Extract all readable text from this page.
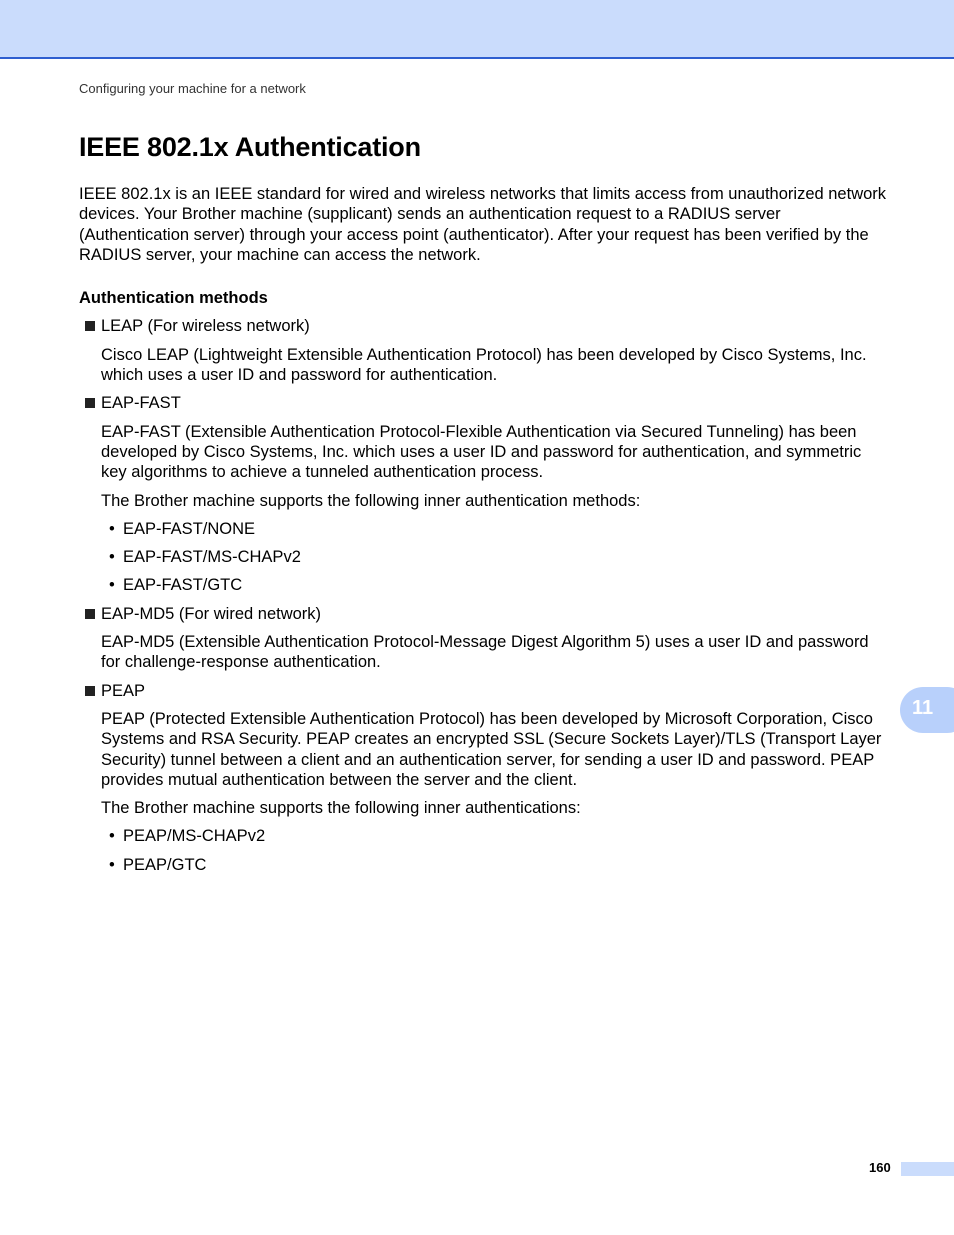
Configuring your machine for a network
IEEE 802.1x Authentication

IEEE 802.1x is an IEEE standard for wired and wireless networks that limits access from unauthorized network devices. Your Brother machine (supplicant) sends an authentication request to a RADIUS server (Authentication server) through your access point (authenticator). After your request has been verified by the RADIUS server, your machine can access the network.

Authentication methods

LEAP (For wireless network)

Cisco LEAP (Lightweight Extensible Authentication Protocol) has been developed by Cisco Systems, Inc. which uses a user ID and password for authentication.

EAP-FAST

EAP-FAST (Extensible Authentication Protocol-Flexible Authentication via Secured Tunneling) has been developed by Cisco Systems, Inc. which uses a user ID and password for authentication, and symmetric key algorithms to achieve a tunneled authentication process.

The Brother machine supports the following inner authentication methods:

• EAP-FAST/NONE
• EAP-FAST/MS-CHAPv2
• EAP-FAST/GTC

EAP-MD5 (For wired network)

EAP-MD5 (Extensible Authentication Protocol-Message Digest Algorithm 5) uses a user ID and password for challenge-response authentication.

PEAP

PEAP (Protected Extensible Authentication Protocol) has been developed by Microsoft Corporation, Cisco Systems and RSA Security. PEAP creates an encrypted SSL (Secure Sockets Layer)/TLS (Transport Layer Security) tunnel between a client and an authentication server, for sending a user ID and password. PEAP provides mutual authentication between the server and the client.

The Brother machine supports the following inner authentications:

• PEAP/MS-CHAPv2
• PEAP/GTC
11
160
